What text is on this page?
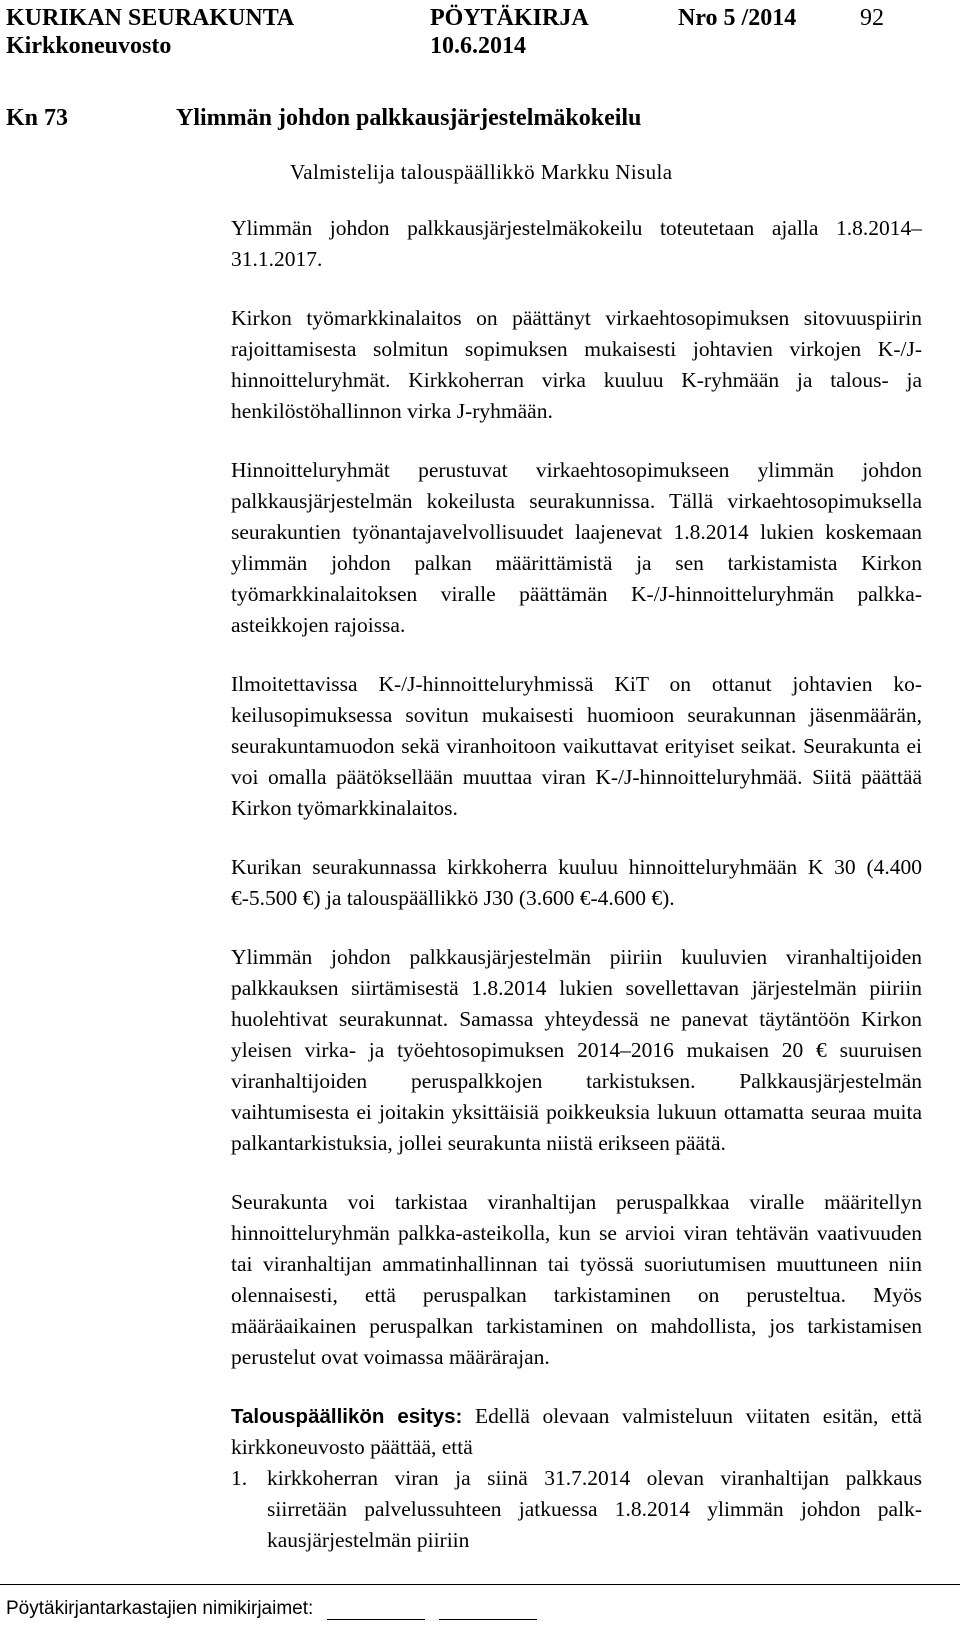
KURIKAN SEURAKUNTA	PÖYTÄKIRJA	Nro 5 /2014	92
Kirkkoneuvosto	10.6.2014
Kn 73	Ylimmän johdon palkkausjärjestelmäkokeilu
Valmistelija talouspäällikkö Markku Nisula

Ylimmän johdon palkkausjärjestelmäkokeilu toteutetaan ajalla 1.8.2014–31.1.2017.

Kirkon työmarkkinalaitos on päättänyt virkaehtosopimuksen sitovuuspiirin rajoittamisesta solmitun sopimuksen mukaisesti johtavien virkojen K-/J-hinnoitteluryhmät. Kirkkoherran virka kuuluu K-ryhmään ja talous- ja henkilöstöhallinnon virka J-ryhmään.

Hinnoitteluryhmät perustuvat virkaehtosopimukseen ylimmän johdon palkkausjärjestelmän kokeilusta seurakunnissa. Tällä virkaehtosopimuksella seurakuntien työnantajavelvollisuudet laajenevat 1.8.2014 lukien koskemaan ylimmän johdon palkan määrittämistä ja sen tarkistamista Kirkon työmarkkinalaitoksen viralle päättämän K-/J-hinnoitteluryhmän palkka-asteikkojen rajoissa.

Ilmoitettavissa K-/J-hinnoitteluryhmissä KiT on ottanut johtavien kokeilusopimuksessa sovitun mukaisesti huomioon seurakunnan jäsenmäärän, seurakuntamuodon sekä viranhoitoon vaikuttavat erityiset seikat. Seurakunta ei voi omalla päätöksellään muuttaa viran K-/J-hinnoitteluryhmää. Siitä päättää Kirkon työmarkkinalaitos.

Kurikan seurakunnassa kirkkoherra kuuluu hinnoitteluryhmään K 30 (4.400 €-5.500 €) ja talouspäällikkö J30 (3.600 €-4.600 €).

Ylimmän johdon palkkausjärjestelmän piiriin kuuluvien viranhaltijoiden palkkauksen siirtämisestä 1.8.2014 lukien sovellettavan järjestelmän piiriin huolehtivat seurakunnat. Samassa yhteydessä ne panevat täytäntöön Kirkon yleisen virka- ja työehtosopimuksen 2014–2016 mukaisen 20 € suuruisen viranhaltijoiden peruspalkkojen tarkistuksen. Palkkausjärjestelmän vaihtumisesta ei joitakin yksittäisiä poikkeuksia lukuun ottamatta seuraa muita palkantarkistuksia, jollei seurakunta niistä erikseen päätä.

Seurakunta voi tarkistaa viranhaltijan peruspalkkaa viralle määritellyn hinnoitteluryhmän palkka-asteikolla, kun se arvioi viran tehtävän vaativuuden tai viranhaltijan ammatinhallinnan tai työssä suoriutumisen muuttuneen niin olennaisesti, että peruspalkan tarkistaminen on perusteltua. Myös määräaikainen peruspalkan tarkistaminen on mahdollista, jos tarkistamisen perustelut ovat voimassa määrärajan.

Talouspäällikön esitys: Edellä olevaan valmisteluun viitaten esitän, että kirkkoneuvosto päättää, että

1. kirkkoherran viran ja siinä 31.7.2014 olevan viranhaltijan palkkaus siirretään palvelussuhteen jatkuessa 1.8.2014 ylimmän johdon palkkausjärjestelmän piiriin
Pöytäkirjantarkastajien nimikirjaimet:
